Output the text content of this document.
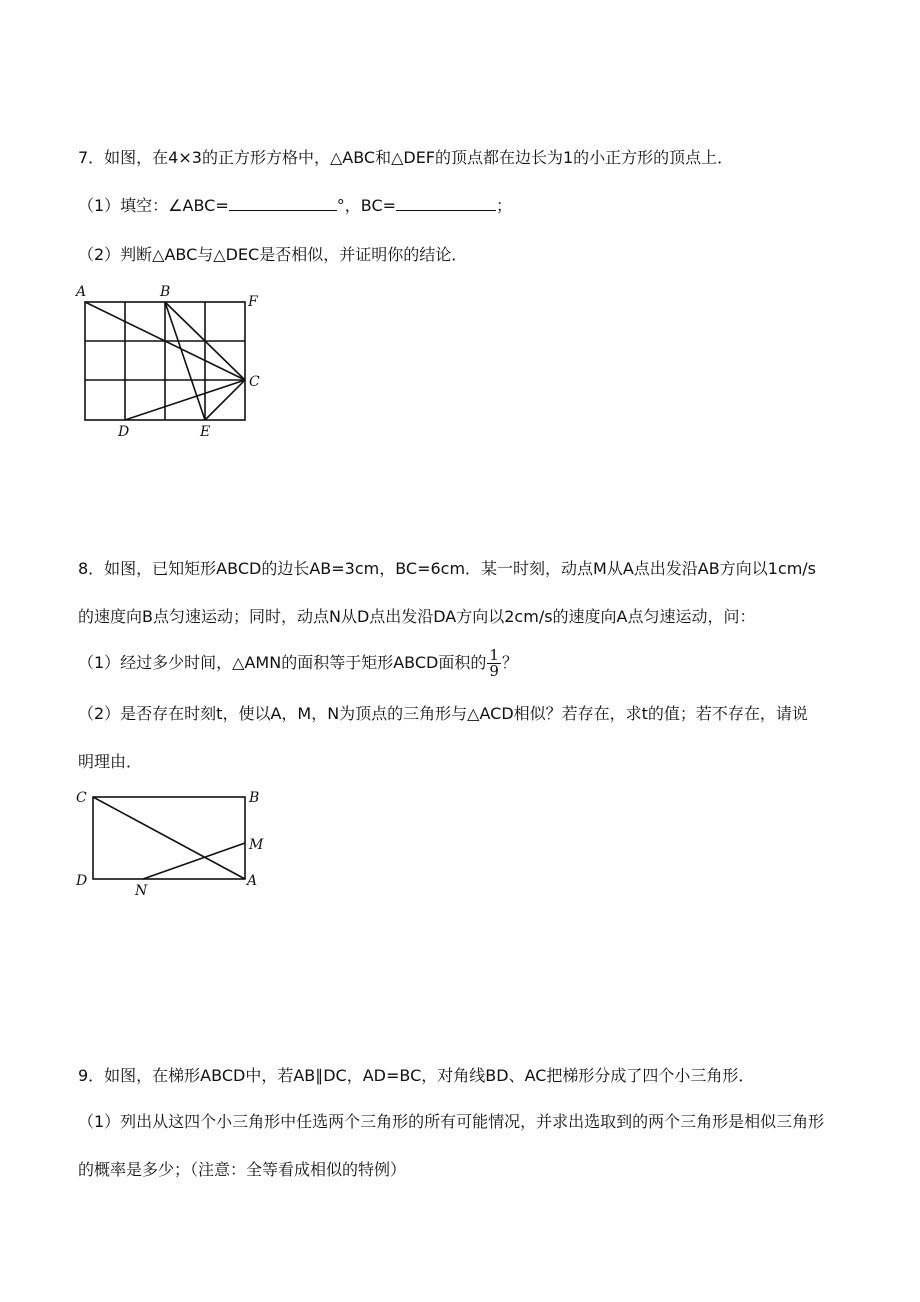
7．如图，在4×3的正方形方格中，△ABC和△DEF的顶点都在边长为1的小正方形的顶点上．
（1）填空：∠ABC=	°，BC=	；
（2）判断△ABC与△DEC是否相似，并证明你的结论．
A	B
F
C
D	E
8．如图，已知矩形ABCD的边长AB=3cm，BC=6cm．某一时刻，动点M从A点出发沿AB方向以1cm/s
的速度向B点匀速运动；同时，动点N从D点出发沿DA方向以2cm/s的速度向A点匀速运动，问：
（1）经过多少时间，△AMN的面积等于矩形ABCD面积的 $\frac{1}{9}$ ？
（2）是否存在时刻t，使以A，M，N为顶点的三角形与△ACD相似？若存在，求t的值；若不存在，请说
明理由．
C	B
M
D
N
A
9．如图，在梯形ABCD中，若AB∥DC，AD=BC，对角线BD、AC把梯形分成了四个小三角形．
（1）列出从这四个小三角形中任选两个三角形的所有可能情况，并求出选取到的两个三角形是相似三角形
的概率是多少；（注意：全等看成相似的特例）
